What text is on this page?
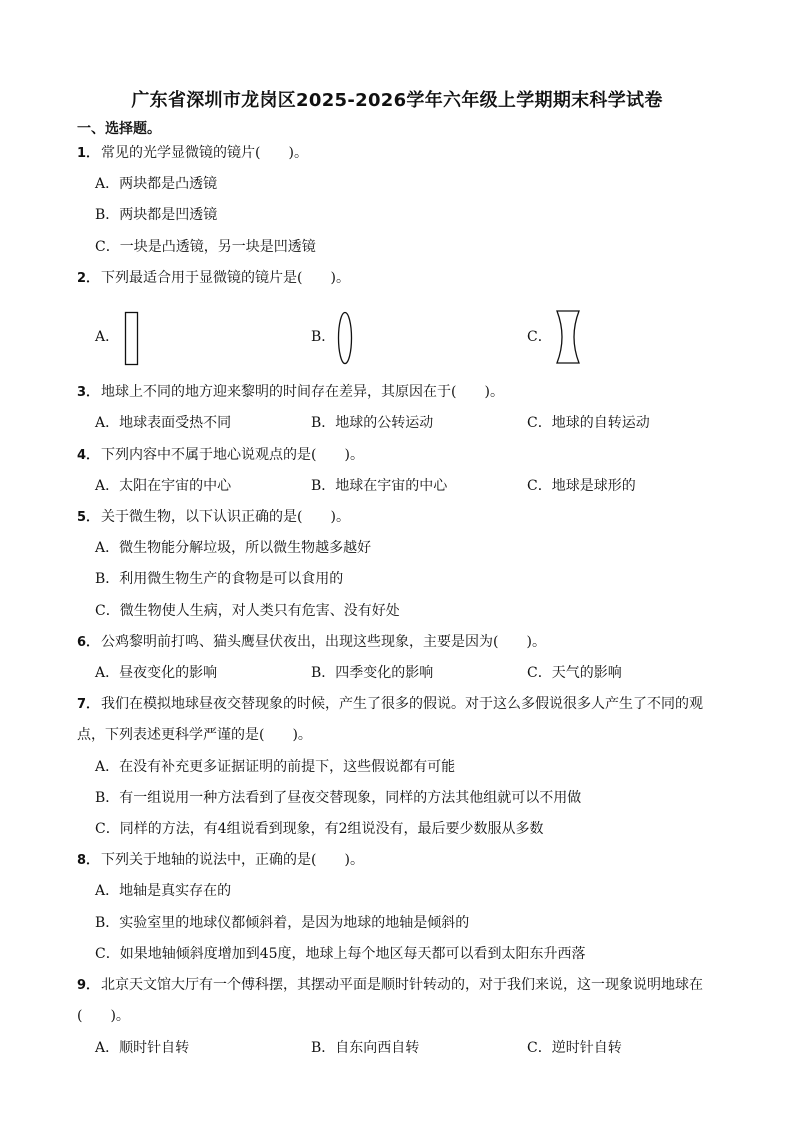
广东省深圳市龙岗区2025-2026学年六年级上学期期末科学试卷
一、选择题。
1． 常见的光学显微镜的镜片(　　)。
A．两块都是凸透镜
B．两块都是凹透镜
C．一块是凸透镜，另一块是凹透镜
2． 下列最适合用于显微镜的镜片是(　　)。
A．	B．	C．
3． 地球上不同的地方迎来黎明的时间存在差异，其原因在于(　　)。
A．地球表面受热不同	B．地球的公转运动	C．地球的自转运动
4． 下列内容中不属于地心说观点的是(　　)。
A．太阳在宇宙的中心	B．地球在宇宙的中心	C．地球是球形的
5． 关于微生物，以下认识正确的是(　　)。
A．微生物能分解垃圾，所以微生物越多越好
B．利用微生物生产的食物是可以食用的
C．微生物使人生病，对人类只有危害、没有好处
6． 公鸡黎明前打鸣、猫头鹰昼伏夜出，出现这些现象，主要是因为(　　)。
A．昼夜变化的影响	B．四季变化的影响	C．天气的影响
7． 我们在模拟地球昼夜交替现象的时候，产生了很多的假说。对于这么多假说很多人产生了不同的观
点，下列表述更科学严谨的是(　　)。
A．在没有补充更多证据证明的前提下，这些假说都有可能
B．有一组说用一种方法看到了昼夜交替现象，同样的方法其他组就可以不用做
C．同样的方法，有4组说看到现象，有2组说没有，最后要少数服从多数
8． 下列关于地轴的说法中，正确的是(　　)。
A．地轴是真实存在的
B．实验室里的地球仪都倾斜着，是因为地球的地轴是倾斜的
C．如果地轴倾斜度增加到45度，地球上每个地区每天都可以看到太阳东升西落
9． 北京天文馆大厅有一个傅科摆，其摆动平面是顺时针转动的，对于我们来说，这一现象说明地球在
(　　)。
A．顺时针自转	B．自东向西自转	C．逆时针自转
